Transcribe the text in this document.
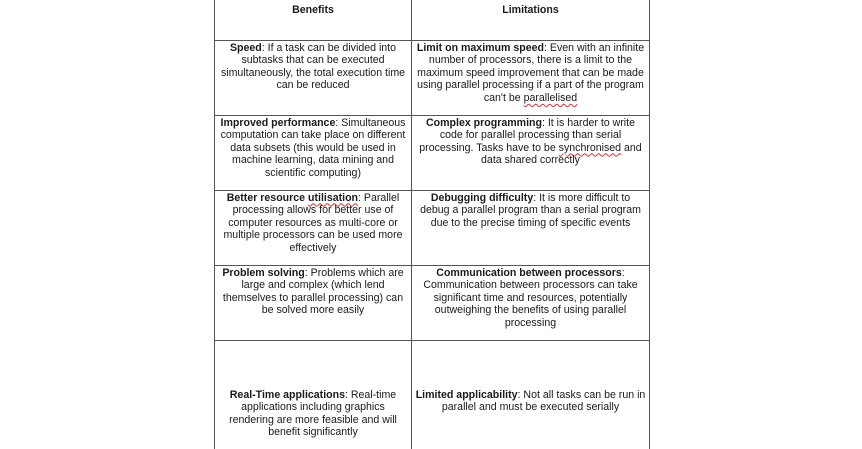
Benefits	Limitations
Speed: If a task can be divided into subtasks that can be executed simultaneously, the total execution time can be reduced	Limit on maximum speed: Even with an infinite number of processors, there is a limit to the maximum speed improvement that can be made using parallel processing if a part of the program can't be parallelised
Improved performance: Simultaneous computation can take place on different data subsets (this would be used in machine learning, data mining and scientific computing)	Complex programming: It is harder to write code for parallel processing than serial processing. Tasks have to be synchronised and data shared correctly
Better resource utilisation: Parallel processing allows for better use of computer resources as multi-core or multiple processors can be used more effectively	Debugging difficulty: It is more difficult to debug a parallel program than a serial program due to the precise timing of specific events
Problem solving: Problems which are large and complex (which lend themselves to parallel processing) can be solved more easily	Communication between processors: Communication between processors can take significant time and resources, potentially outweighing the benefits of using parallel processing
Real-Time applications: Real-time applications including graphics rendering are more feasible and will benefit significantly	Limited applicability: Not all tasks can be run in parallel and must be executed serially
